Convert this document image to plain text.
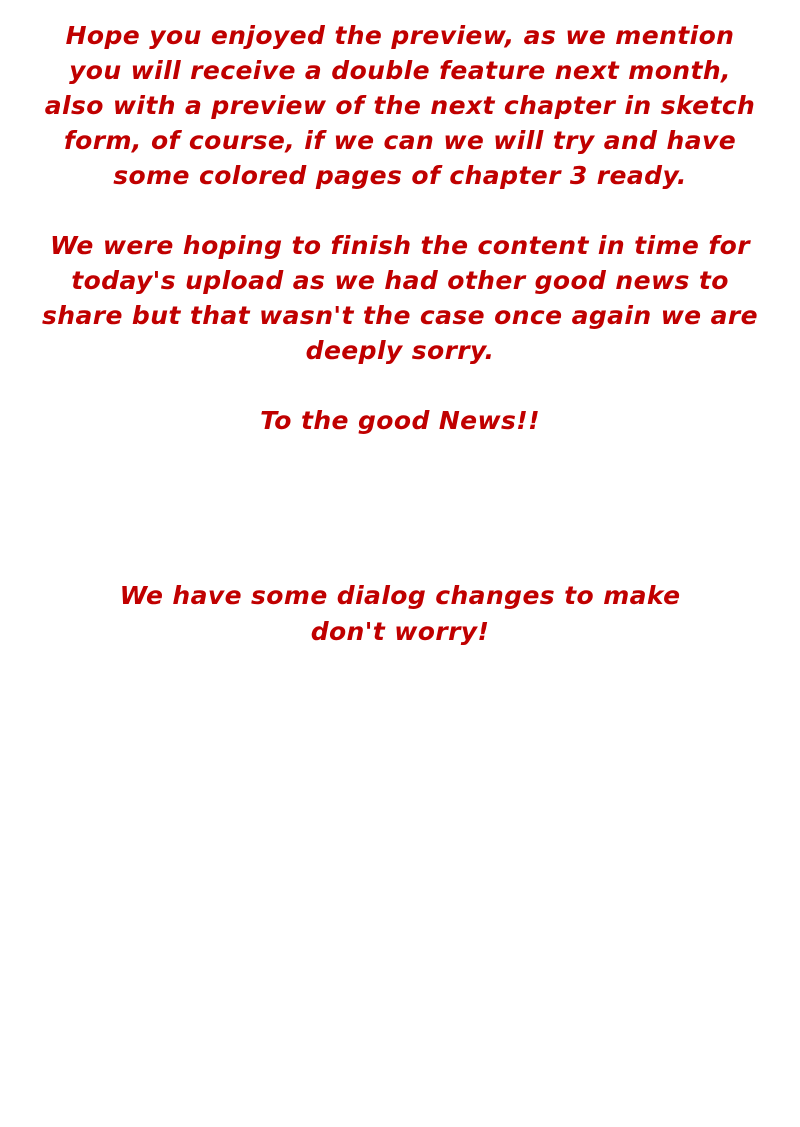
Hope you enjoyed the preview, as we mention you will receive a double feature next month, also with a preview of the next chapter in sketch form, of course, if we can we will try and have some colored pages of chapter 3 ready.

We were hoping to finish the content in time for today's upload as we had other good news to share but that wasn't the case once again we are deeply sorry.

To the good News!!

We have some dialog changes to make don't worry!
